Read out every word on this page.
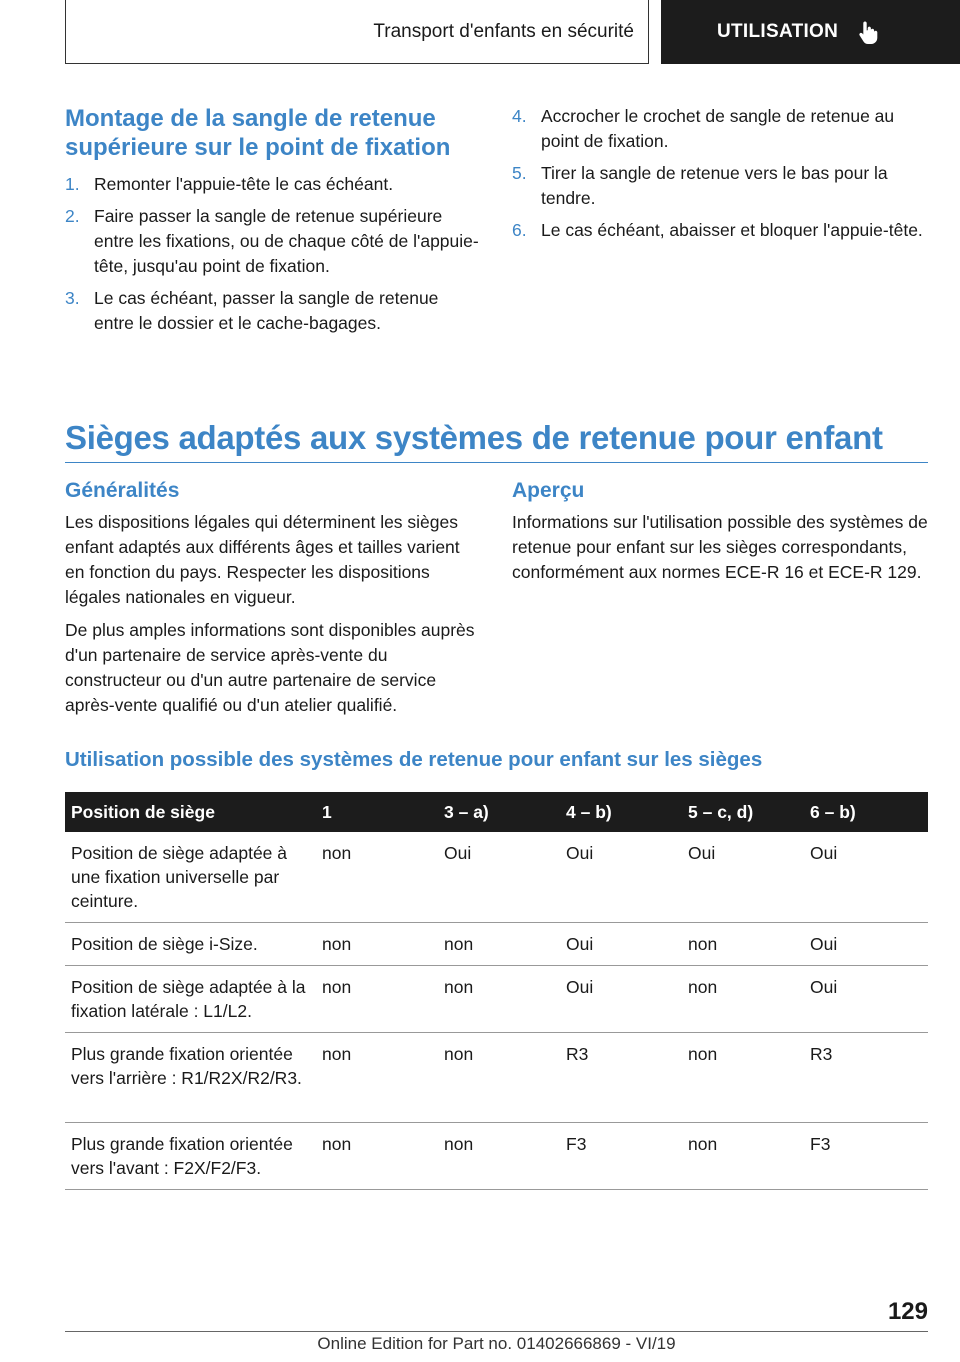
Transport d'enfants en sécurité	UTILISATION
Montage de la sangle de retenue supérieure sur le point de fixation
1. Remonter l'appuie-tête le cas échéant.
2. Faire passer la sangle de retenue supérieure entre les fixations, ou de chaque côté de l'appuie-tête, jusqu'au point de fixation.
3. Le cas échéant, passer la sangle de retenue entre le dossier et le cache-bagages.
4. Accrocher le crochet de sangle de retenue au point de fixation.
5. Tirer la sangle de retenue vers le bas pour la tendre.
6. Le cas échéant, abaisser et bloquer l'appuie-tête.
Sièges adaptés aux systèmes de retenue pour enfant
Généralités

Les dispositions légales qui déterminent les sièges enfant adaptés aux différents âges et tailles varient en fonction du pays. Respecter les dispositions légales nationales en vigueur.

De plus amples informations sont disponibles auprès d'un partenaire de service après-vente du constructeur ou d'un autre partenaire de service après-vente qualifié ou d'un atelier qualifié.

Aperçu

Informations sur l'utilisation possible des systèmes de retenue pour enfant sur les sièges correspondants, conformément aux normes ECE-R 16 et ECE-R 129.

Utilisation possible des systèmes de retenue pour enfant sur les sièges
Position de siège	1	3 – a)	4 – b)	5 – c, d)	6 – b)
Position de siège adaptée à une fixation universelle par ceinture.	non	Oui	Oui	Oui	Oui
Position de siège i-Size.	non	non	Oui	non	Oui
Position de siège adaptée à la fixation latérale : L1/L2.	non	non	Oui	non	Oui
Plus grande fixation orientée vers l'arrière : R1/R2X/R2/R3.	non	non	R3	non	R3
Plus grande fixation orientée vers l'avant : F2X/F2/F3.	non	non	F3	non	F3
129
Online Edition for Part no. 01402666869 - VI/19
